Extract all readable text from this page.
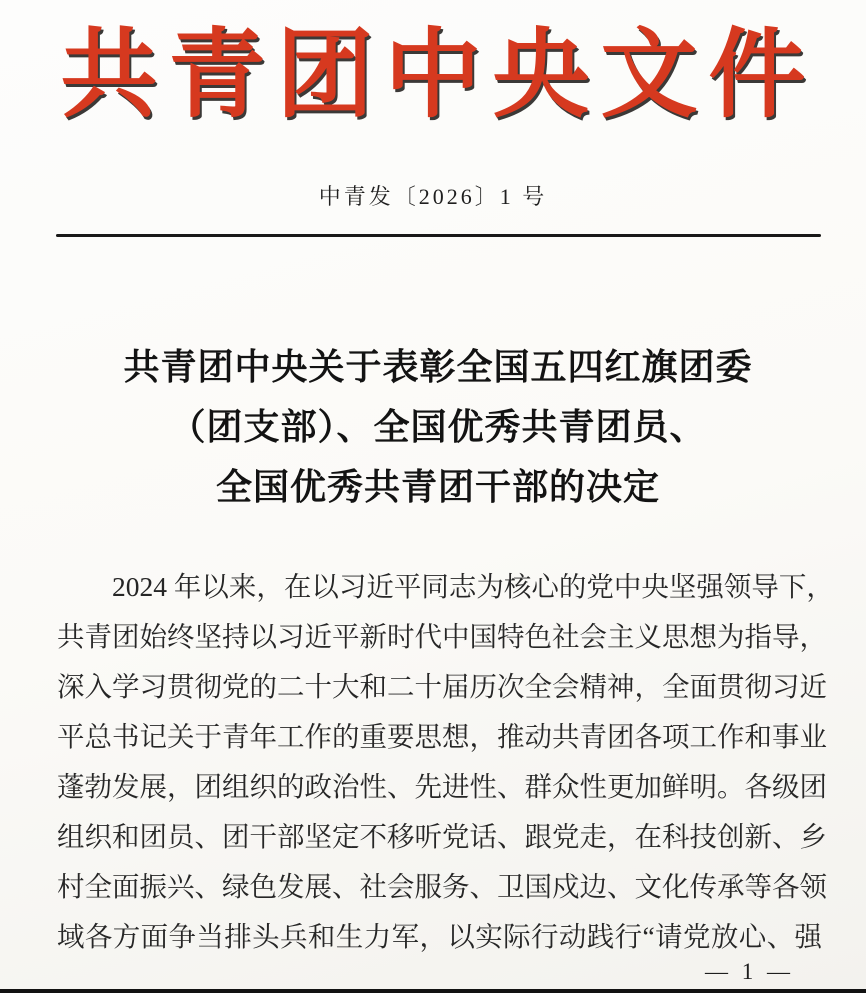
共青团中央文件
中青发〔2026〕1 号
共青团中央关于表彰全国五四红旗团委
（团支部）、全国优秀共青团员、
全国优秀共青团干部的决定
2024 年以来，在以习近平同志为核心的党中央坚强领导下，
共青团始终坚持以习近平新时代中国特色社会主义思想为指导，
深入学习贯彻党的二十大和二十届历次全会精神，全面贯彻习近
平总书记关于青年工作的重要思想，推动共青团各项工作和事业
蓬勃发展，团组织的政治性、先进性、群众性更加鲜明。各级团
组织和团员、团干部坚定不移听党话、跟党走，在科技创新、乡
村全面振兴、绿色发展、社会服务、卫国戍边、文化传承等各领
域各方面争当排头兵和生力军，以实际行动践行“请党放心、强
— 1 —
